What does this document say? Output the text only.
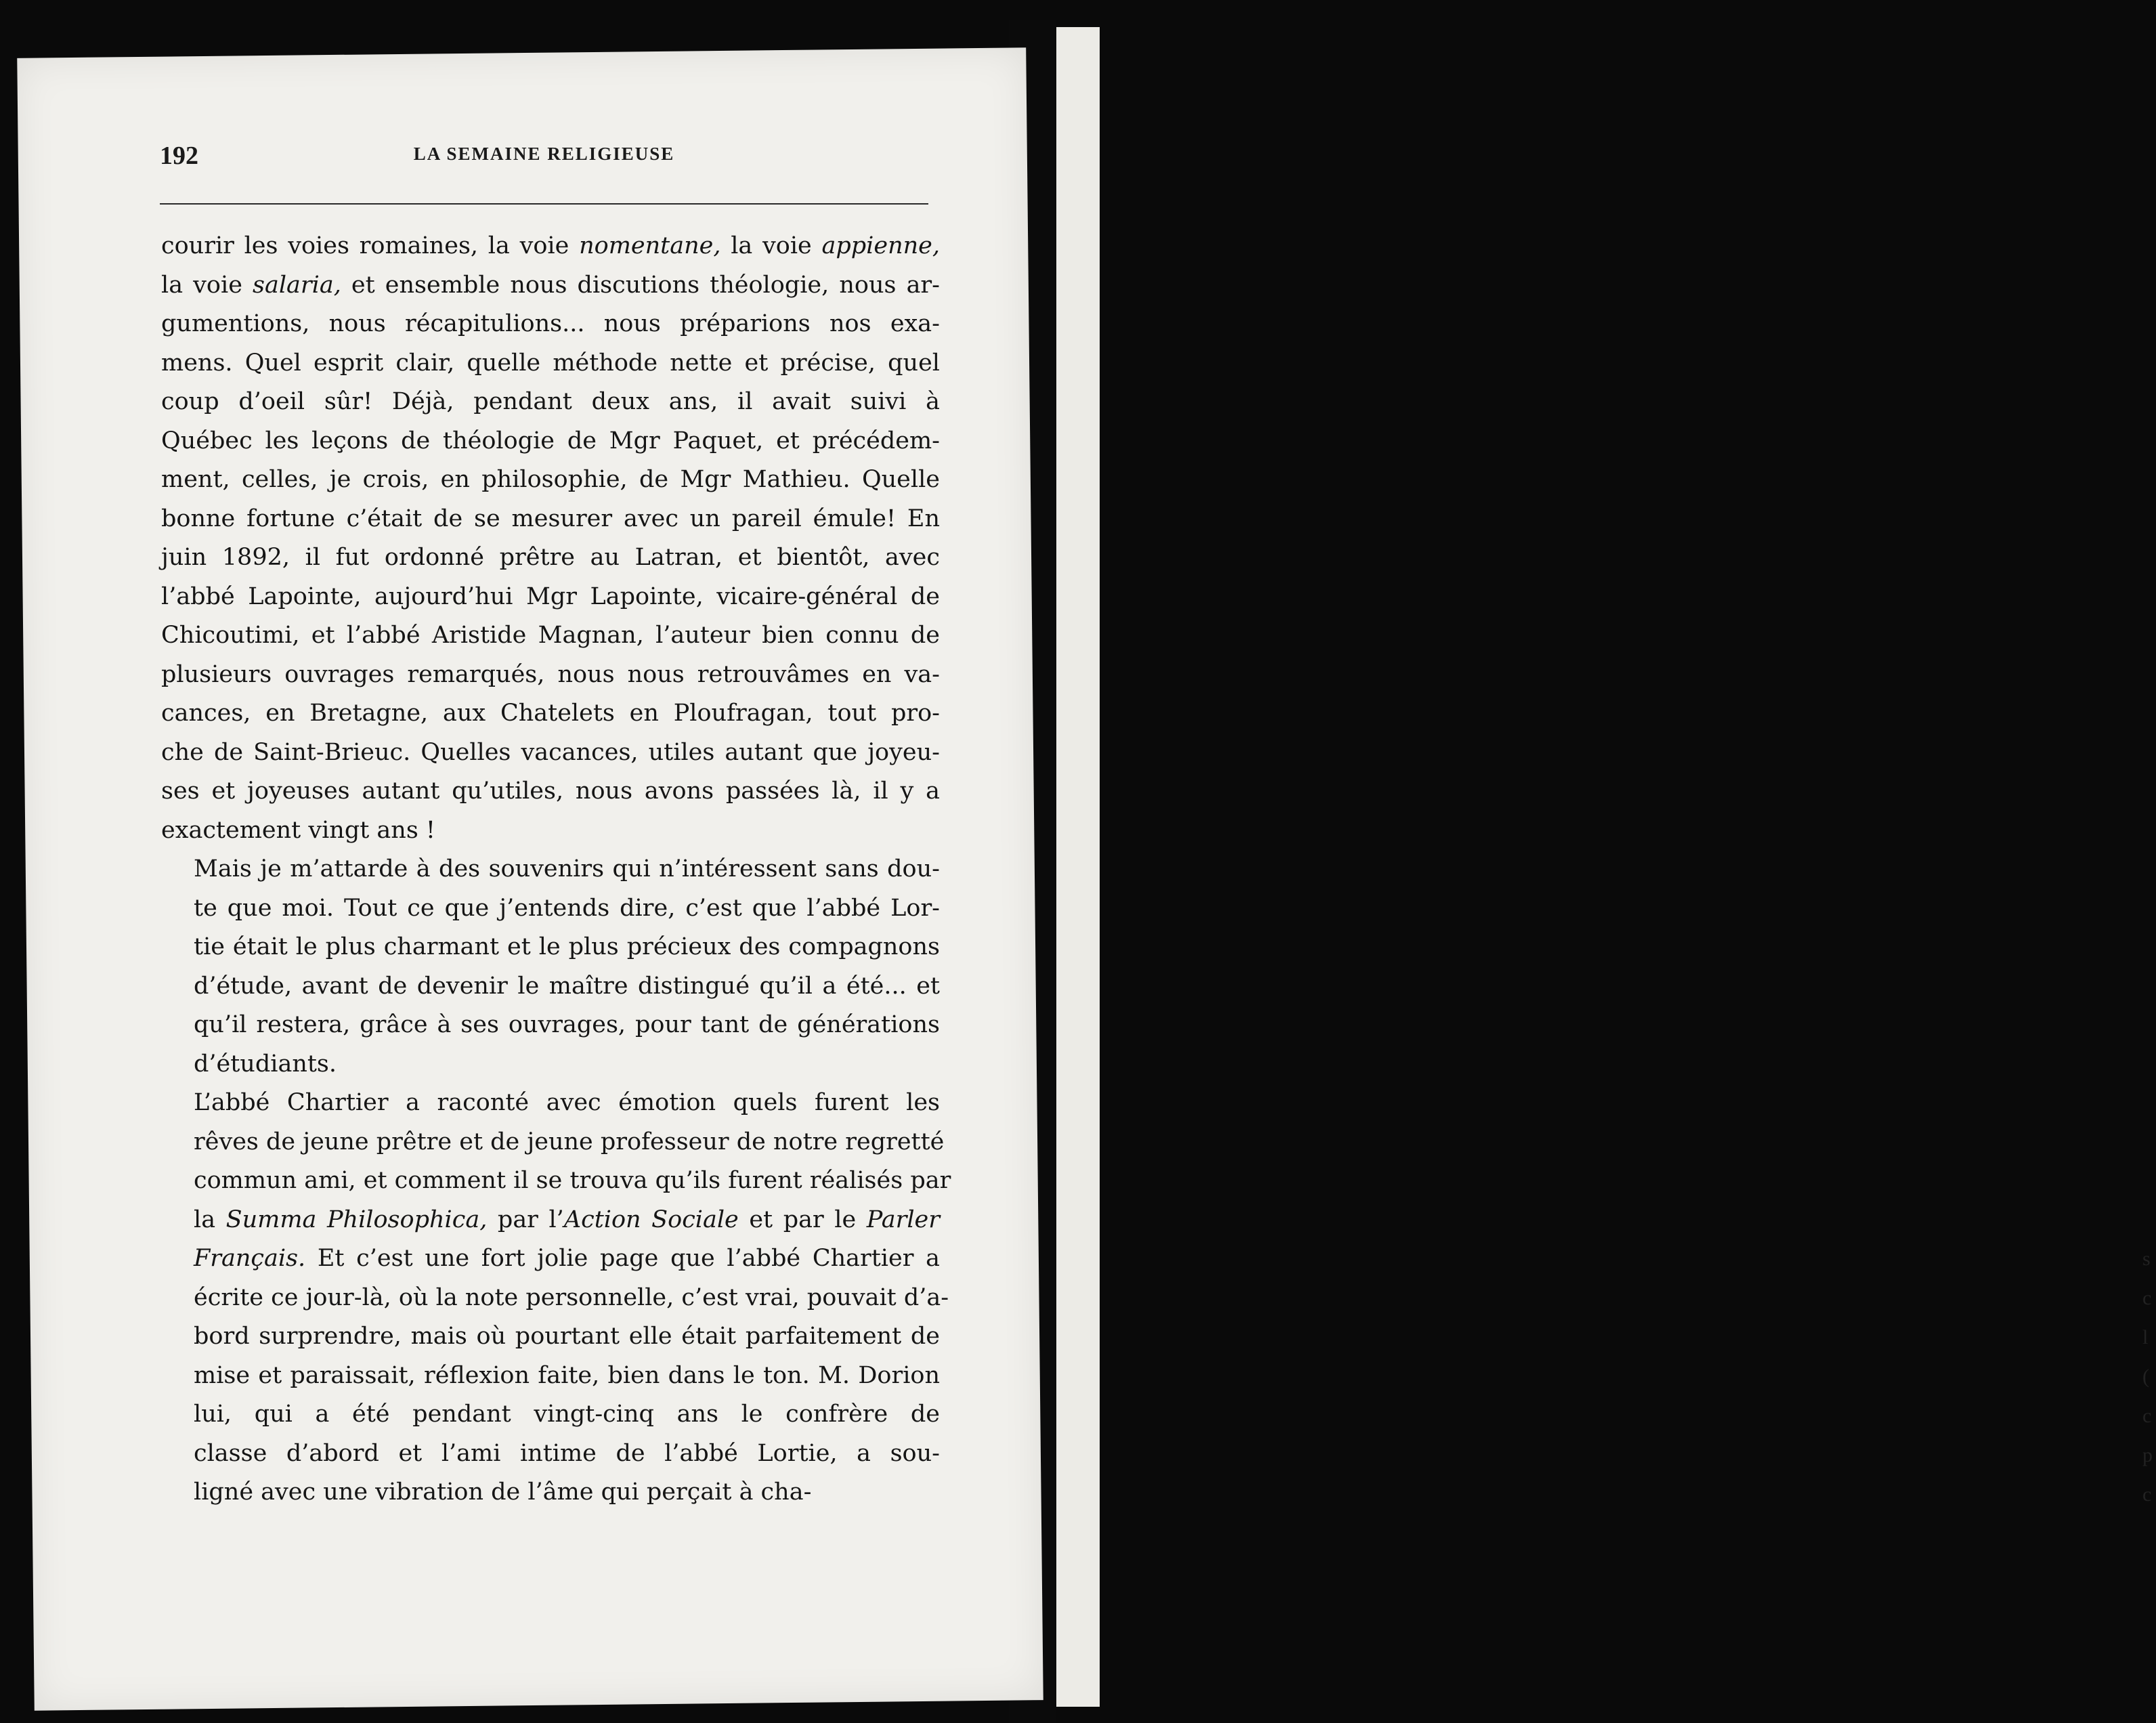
s
c
l
(
c
p
c
192	LA SEMAINE RELIGIEUSE
courir les voies romaines, la voie nomentane, la voie appienne,
la voie salaria, et ensemble nous discutions théologie, nous ar-
gumentions, nous récapitulions... nous préparions nos exa-
mens. Quel esprit clair, quelle méthode nette et précise, quel
coup d’oeil sûr! Déjà, pendant deux ans, il avait suivi à
Québec les leçons de théologie de Mgr Paquet, et précédem-
ment, celles, je crois, en philosophie, de Mgr Mathieu. Quelle
bonne fortune c’était de se mesurer avec un pareil émule! En
juin 1892, il fut ordonné prêtre au Latran, et bientôt, avec
l’abbé Lapointe, aujourd’hui Mgr Lapointe, vicaire-général de
Chicoutimi, et l’abbé Aristide Magnan, l’auteur bien connu de
plusieurs ouvrages remarqués, nous nous retrouvâmes en va-
cances, en Bretagne, aux Chatelets en Ploufragan, tout pro-
che de Saint-Brieuc. Quelles vacances, utiles autant que joyeu-
ses et joyeuses autant qu’utiles, nous avons passées là, il y a
exactement vingt ans !
Mais je m’attarde à des souvenirs qui n’intéressent sans dou-
te que moi. Tout ce que j’entends dire, c’est que l’abbé Lor-
tie était le plus charmant et le plus précieux des compagnons
d’étude, avant de devenir le maître distingué qu’il a été... et
qu’il restera, grâce à ses ouvrages, pour tant de générations
d’étudiants.
L’abbé Chartier a raconté avec émotion quels furent les
rêves de jeune prêtre et de jeune professeur de notre regretté
commun ami, et comment il se trouva qu’ils furent réalisés par
la Summa Philosophica, par l’Action Sociale et par le Parler
Français. Et c’est une fort jolie page que l’abbé Chartier a
écrite ce jour-là, où la note personnelle, c’est vrai, pouvait d’a-
bord surprendre, mais où pourtant elle était parfaitement de
mise et paraissait, réflexion faite, bien dans le ton. M. Dorion
lui, qui a été pendant vingt-cinq ans le confrère de
classe d’abord et l’ami intime de l’abbé Lortie, a sou-
ligné avec une vibration de l’âme qui perçait à cha-
